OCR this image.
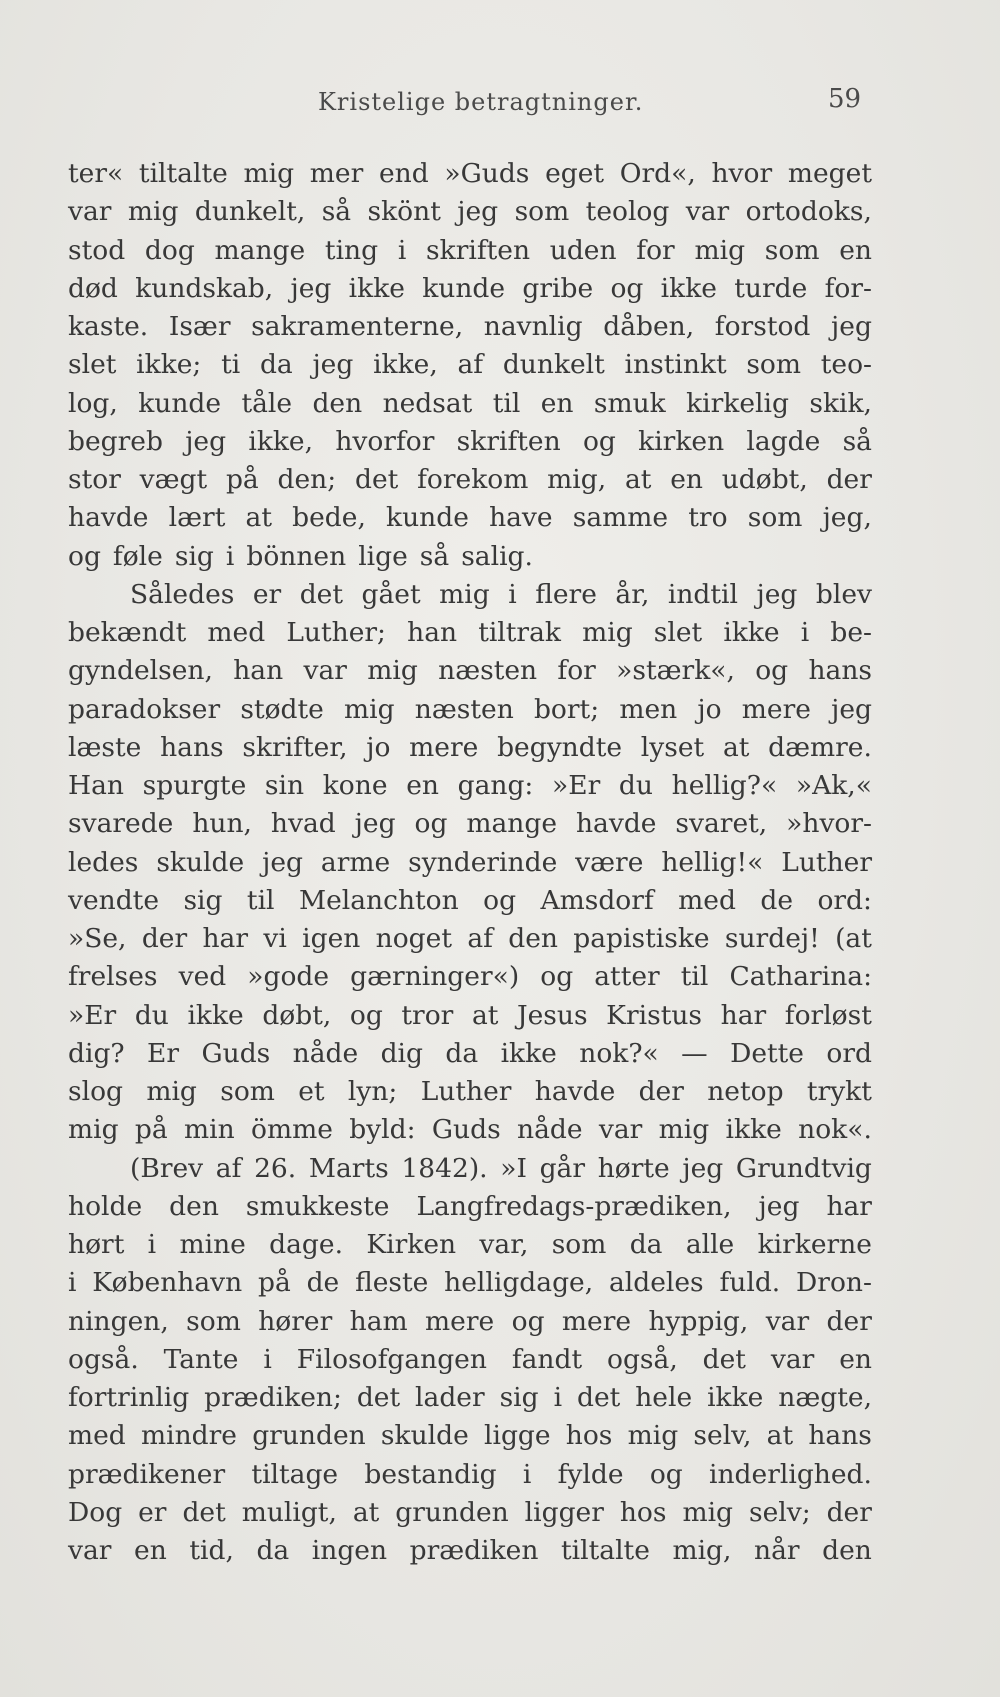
Kristelige betragtninger.	59
ter« tiltalte mig mer end »Guds eget Ord«, hvor meget
var mig dunkelt, så skönt jeg som teolog var ortodoks,
stod dog mange ting i skriften uden for mig som en
død kundskab, jeg ikke kunde gribe og ikke turde for-
kaste. Især sakramenterne, navnlig dåben, forstod jeg
slet ikke; ti da jeg ikke, af dunkelt instinkt som teo-
log, kunde tåle den nedsat til en smuk kirkelig skik,
begreb jeg ikke, hvorfor skriften og kirken lagde så
stor vægt på den; det forekom mig, at en udøbt, der
havde lært at bede, kunde have samme tro som jeg,
og føle sig i bönnen lige så salig.
Således er det gået mig i flere år, indtil jeg blev
bekændt med Luther; han tiltrak mig slet ikke i be-
gyndelsen, han var mig næsten for »stærk«, og hans
paradokser stødte mig næsten bort; men jo mere jeg
læste hans skrifter, jo mere begyndte lyset at dæmre.
Han spurgte sin kone en gang: »Er du hellig?« »Ak,«
svarede hun, hvad jeg og mange havde svaret, »hvor-
ledes skulde jeg arme synderinde være hellig!« Luther
vendte sig til Melanchton og Amsdorf med de ord:
»Se, der har vi igen noget af den papistiske surdej! (at
frelses ved »gode gærninger«) og atter til Catharina:
»Er du ikke døbt, og tror at Jesus Kristus har forløst
dig? Er Guds nåde dig da ikke nok?« — Dette ord
slog mig som et lyn; Luther havde der netop trykt
mig på min ömme byld: Guds nåde var mig ikke nok«.
(Brev af 26. Marts 1842). »I går hørte jeg Grundtvig
holde den smukkeste Langfredags-prædiken, jeg har
hørt i mine dage. Kirken var, som da alle kirkerne
i København på de fleste helligdage, aldeles fuld. Dron-
ningen, som hører ham mere og mere hyppig, var der
også. Tante i Filosofgangen fandt også, det var en
fortrinlig prædiken; det lader sig i det hele ikke nægte,
med mindre grunden skulde ligge hos mig selv, at hans
prædikener tiltage bestandig i fylde og inderlighed.
Dog er det muligt, at grunden ligger hos mig selv; der
var en tid, da ingen prædiken tiltalte mig, når den
